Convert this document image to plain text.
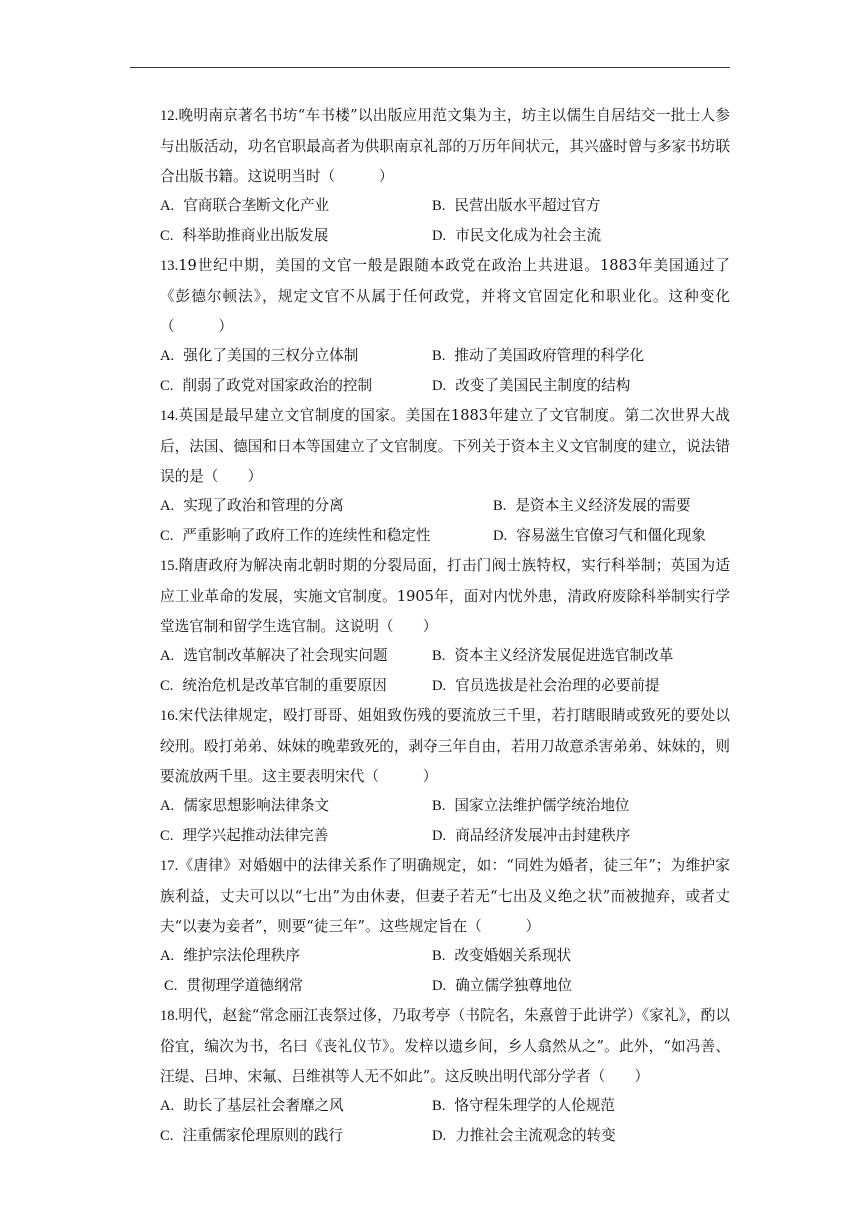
12.晚明南京著名书坊“车书楼”以出版应用范文集为主，坊主以儒生自居结交一批士人参与出版活动，功名官职最高者为供职南京礼部的万历年间状元，其兴盛时曾与多家书坊联合出版书籍。这说明当时（　　　）

A. 官商联合垄断文化产业	B. 民营出版水平超过官方
C. 科举助推商业出版发展	D. 市民文化成为社会主流

13.19世纪中期，美国的文官一般是跟随本政党在政治上共进退。1883年美国通过了《彭德尔顿法》，规定文官不从属于任何政党，并将文官固定化和职业化。这种变化（　　　）

A. 强化了美国的三权分立体制	B. 推动了美国政府管理的科学化
C. 削弱了政党对国家政治的控制	D. 改变了美国民主制度的结构

14.英国是最早建立文官制度的国家。美国在1883年建立了文官制度。第二次世界大战后，法国、德国和日本等国建立了文官制度。下列关于资本主义文官制度的建立，说法错误的是（　　）

A. 实现了政治和管理的分离	B. 是资本主义经济发展的需要
C. 严重影响了政府工作的连续性和稳定性	D. 容易滋生官僚习气和僵化现象

15.隋唐政府为解决南北朝时期的分裂局面，打击门阀士族特权，实行科举制；英国为适应工业革命的发展，实施文官制度。1905年，面对内忧外患，清政府废除科举制实行学堂选官制和留学生选官制。这说明（　　）

A. 选官制改革解决了社会现实问题	B. 资本主义经济发展促进选官制改革
C. 统治危机是改革官制的重要原因	D. 官员选拔是社会治理的必要前提

16.宋代法律规定，殴打哥哥、姐姐致伤残的要流放三千里，若打瞎眼睛或致死的要处以绞刑。殴打弟弟、妹妹的晚辈致死的，剥夺三年自由，若用刀故意杀害弟弟、妹妹的，则要流放两千里。这主要表明宋代（　　　）

A. 儒家思想影响法律条文	B. 国家立法维护儒学统治地位
C. 理学兴起推动法律完善	D. 商品经济发展冲击封建秩序

17.《唐律》对婚姻中的法律关系作了明确规定，如：“同姓为婚者，徒三年”；为维护家族利益，丈夫可以以“七出”为由休妻，但妻子若无“七出及义绝之状”而被抛弃，或者丈夫“以妻为妾者”，则要“徒三年”。这些规定旨在（　　　）

A. 维护宗法伦理秩序	B. 改变婚姻关系现状
C. 贯彻理学道德纲常	D. 确立儒学独尊地位

18.明代，赵瓮“常念丽江丧祭过侈，乃取考亭（书院名，朱熹曾于此讲学）《家礼》，酌以俗宜，编次为书，名曰《丧礼仪节》。发梓以遗乡间，乡人翕然从之”。此外，“如冯善、汪缇、吕坤、宋氟、吕维祺等人无不如此”。这反映出明代部分学者（　　）

A. 助长了基层社会奢靡之风	B. 恪守程朱理学的人伦规范
C. 注重儒家伦理原则的践行	D. 力推社会主流观念的转变
